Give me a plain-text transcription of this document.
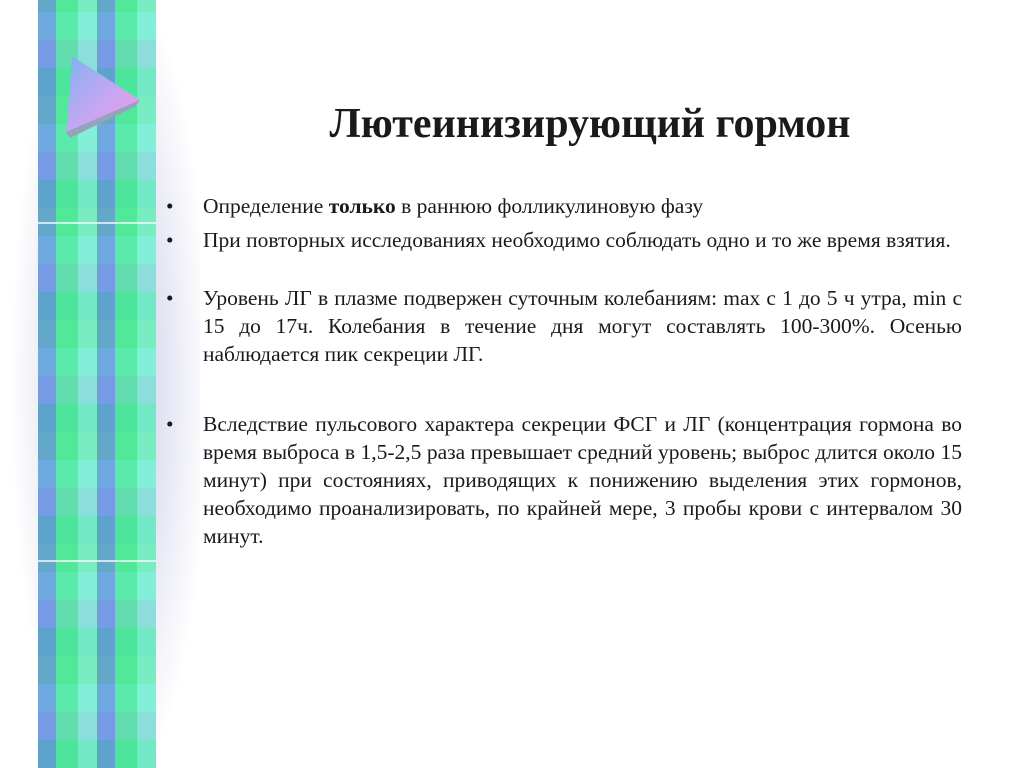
Лютеинизирующий гормон
• Определение только в раннюю фолликулиновую фазу
• При повторных исследованиях необходимо соблюдать одно и то же время взятия.
• Уровень ЛГ в плазме подвержен суточным колебаниям: max с 1 до 5 ч утра, min с 15 до 17ч. Колебания в течение дня могут составлять 100-300%. Осенью наблюдается пик секреции ЛГ.
• Вследствие пульсового характера секреции ФСГ и ЛГ (концентрация гормона во время выброса в 1,5-2,5 раза превышает средний уровень; выброс длится около 15 минут) при состояниях, приводящих к понижению выделения этих гормонов, необходимо проанализировать, по крайней мере, 3 пробы крови с интервалом 30 минут.
